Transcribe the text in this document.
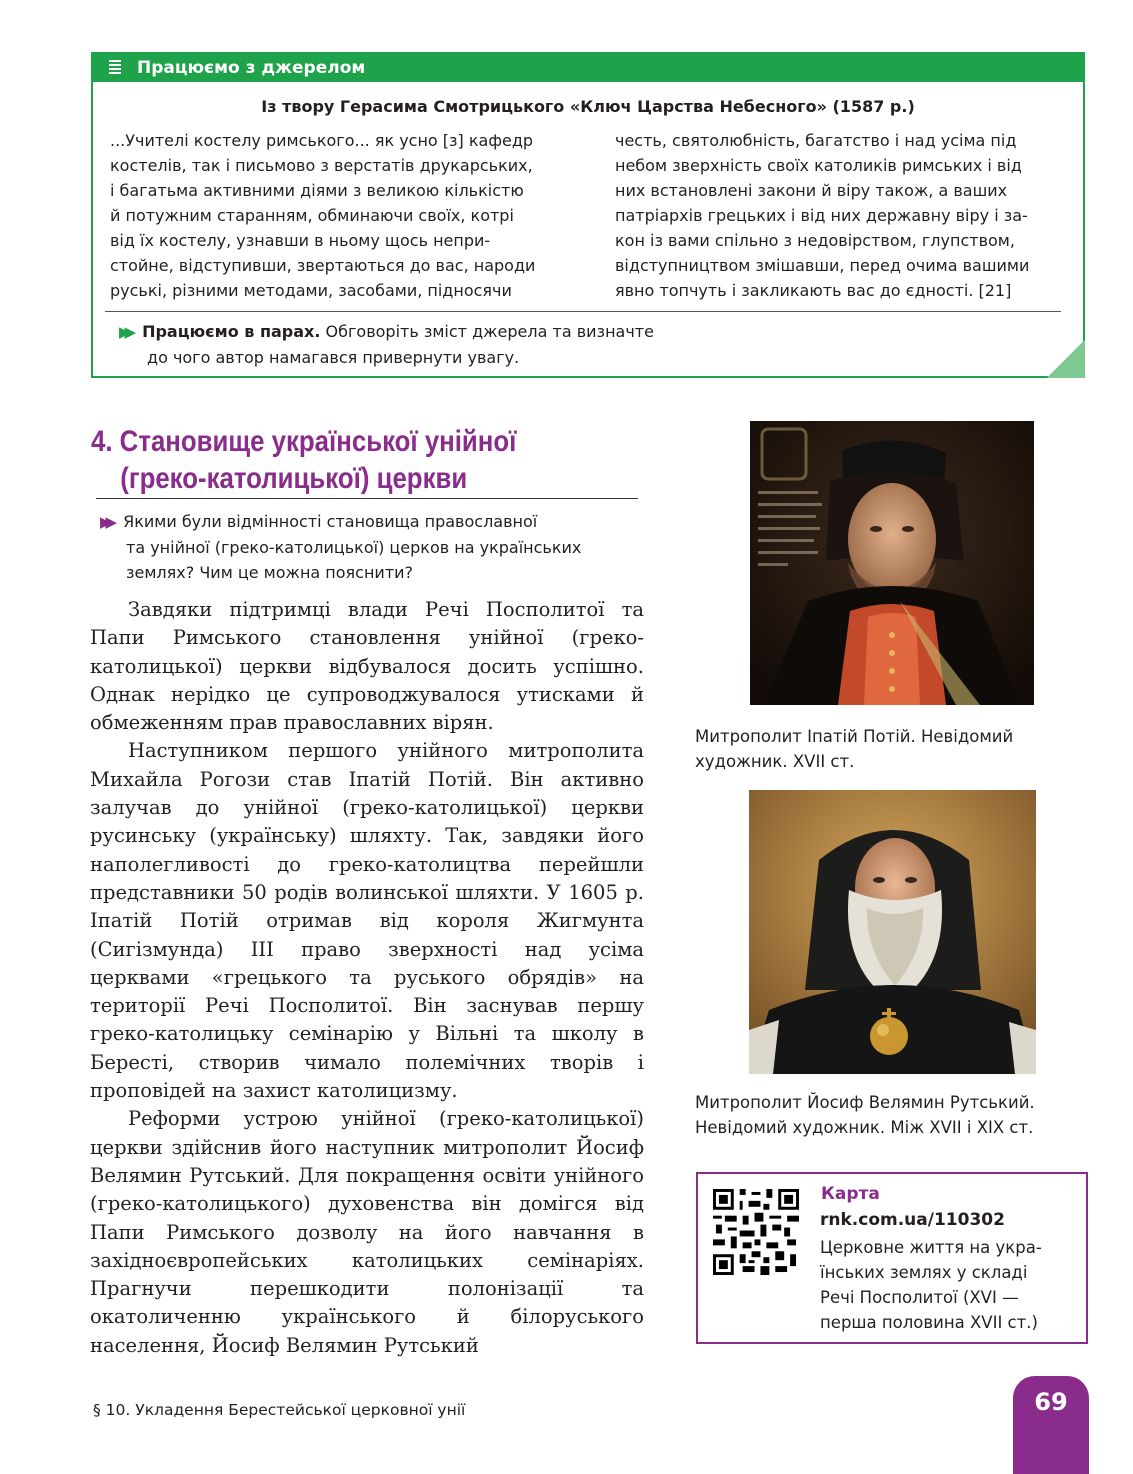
Працюємо з джерелом
Із твору Герасима Смотрицького «Ключ Царства Небесного» (1587 р.)
...Учителі костелу римського... як усно [з] кафедр
костелів, так і письмово з верстатів друкарських,
і багатьма активними діями з великою кількістю
й потужним старанням, обминаючи своїх, котрі
від їх костелу, узнавши в ньому щось непри-
стойне, відступивши, звертаються до вас, народи
руські, різними методами, засобами, підносячи
честь, святолюбність, багатство і над усіма під
небом зверхність своїх католиків римських і від
них встановлені закони й віру також, а ваших
патріархів грецьких і від них державну віру і за-
кон із вами спільно з недовірством, глупством,
відступництвом змішавши, перед очима вашими
явно топчуть і закликають вас до єдності. [21]
▶▶ Працюємо в парах. Обговоріть зміст джерела та визначте
до чого автор намагався привернути увагу.
4. Становище української унійної
(греко-католицької) церкви
▶▶ Якими були відмінності становища православної
та унійної (греко-католицької) церков на українських
землях? Чим це можна пояснити?

Завдяки підтримці влади Речі Посполитої та Папи Римського становлення унійної (греко-католицької) церкви відбувалося досить успішно. Однак нерідко це супроводжувалося утисками й обмеженням прав православних вірян.

Наступником першого унійного митрополита Михайла Рогози став Іпатій Потій. Він активно залучав до унійної (греко-католицької) церкви русинську (українську) шляхту. Так, завдяки його наполегливості до греко-католицтва перейшли представники 50 родів волинської шляхти. У 1605 р. Іпатій Потій отримав від короля Жигмунта (Сигізмунда) ІІІ право зверхності над усіма церквами «грецького та руського обрядів» на території Речі Посполитої. Він заснував першу греко-католицьку семінарію у Вільні та школу в Бересті, створив чимало полемічних творів і проповідей на захист католицизму.

Реформи устрою унійної (греко-католицької) церкви здійснив його наступник митрополит Йосиф Велямин Рутський. Для покращення освіти унійного (греко-католицького) духовенства він домігся від Папи Римського дозволу на його навчання в західноєвропейських католицьких семінаріях. Прагнучи перешкодити полонізації та окатоличенню українського й білоруського населення, Йосиф Велямин Рутський

Митрополит Іпатій Потій. Невідомий
художник. XVII ст.
Митрополит Йосиф Велямин Рутський.
Невідомий художник. Між XVII і XIX ст.
Карта
rnk.com.ua/110302
Церковне життя на укра-
їнських землях у складі
Речі Посполитої (XVI —
перша половина XVII ст.)
§ 10. Укладення Берестейської церковної унії	69
